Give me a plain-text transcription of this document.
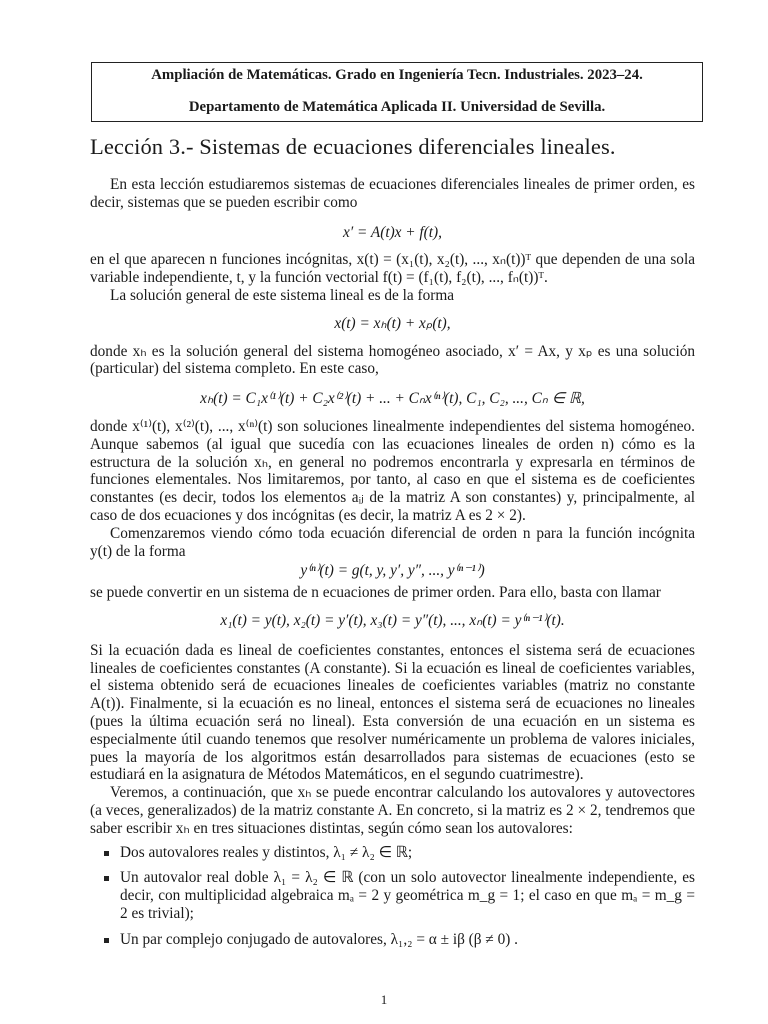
Ampliación de Matemáticas. Grado en Ingeniería Tecn. Industriales. 2023–24.
Departamento de Matemática Aplicada II. Universidad de Sevilla.
Lección 3.- Sistemas de ecuaciones diferenciales lineales.

En esta lección estudiaremos sistemas de ecuaciones diferenciales lineales de primer orden, es decir, sistemas que se pueden escribir como

x′ = A(t)x + f(t),

en el que aparecen n funciones incógnitas, x(t) = (x₁(t), x₂(t), ..., xₙ(t))ᵀ que dependen de una sola variable independiente, t, y la función vectorial f(t) = (f₁(t), f₂(t), ..., fₙ(t))ᵀ.

La solución general de este sistema lineal es de la forma

x(t) = xₕ(t) + xₚ(t),

donde xₕ es la solución general del sistema homogéneo asociado, x′ = Ax, y xₚ es una solución (particular) del sistema completo. En este caso,

xₕ(t) = C₁x⁽¹⁾(t) + C₂x⁽²⁾(t) + ... + Cₙx⁽ⁿ⁾(t), C₁, C₂, ..., Cₙ ∈ ℝ,

donde x⁽¹⁾(t), x⁽²⁾(t), ..., x⁽ⁿ⁾(t) son soluciones linealmente independientes del sistema homogéneo. Aunque sabemos (al igual que sucedía con las ecuaciones lineales de orden n) cómo es la estructura de la solución xₕ, en general no podremos encontrarla y expresarla en términos de funciones elementales. Nos limitaremos, por tanto, al caso en que el sistema es de coeficientes constantes (es decir, todos los elementos aᵢⱼ de la matriz A son constantes) y, principalmente, al caso de dos ecuaciones y dos incógnitas (es decir, la matriz A es 2 × 2).

Comenzaremos viendo cómo toda ecuación diferencial de orden n para la función incógnita y(t) de la forma

y⁽ⁿ⁾(t) = g(t, y, y′, y″, ..., y⁽ⁿ⁻¹⁾)

se puede convertir en un sistema de n ecuaciones de primer orden. Para ello, basta con llamar

x₁(t) = y(t), x₂(t) = y′(t), x₃(t) = y″(t), ..., xₙ(t) = y⁽ⁿ⁻¹⁾(t).

Si la ecuación dada es lineal de coeficientes constantes, entonces el sistema será de ecuaciones lineales de coeficientes constantes (A constante). Si la ecuación es lineal de coeficientes variables, el sistema obtenido será de ecuaciones lineales de coeficientes variables (matriz no constante A(t)). Finalmente, si la ecuación es no lineal, entonces el sistema será de ecuaciones no lineales (pues la última ecuación será no lineal). Esta conversión de una ecuación en un sistema es especialmente útil cuando tenemos que resolver numéricamente un problema de valores iniciales, pues la mayoría de los algoritmos están desarrollados para sistemas de ecuaciones (esto se estudiará en la asignatura de Métodos Matemáticos, en el segundo cuatrimestre).

Veremos, a continuación, que xₕ se puede encontrar calculando los autovalores y autovectores (a veces, generalizados) de la matriz constante A. En concreto, si la matriz es 2 × 2, tendremos que saber escribir xₕ en tres situaciones distintas, según cómo sean los autovalores:

Dos autovalores reales y distintos, λ₁ ≠ λ₂ ∈ ℝ;
Un autovalor real doble λ₁ = λ₂ ∈ ℝ (con un solo autovector linealmente independiente, es decir, con multiplicidad algebraica mₐ = 2 y geométrica m_g = 1; el caso en que mₐ = m_g = 2 es trivial);
Un par complejo conjugado de autovalores, λ₁,₂ = α ± iβ (β ≠ 0) .
1
